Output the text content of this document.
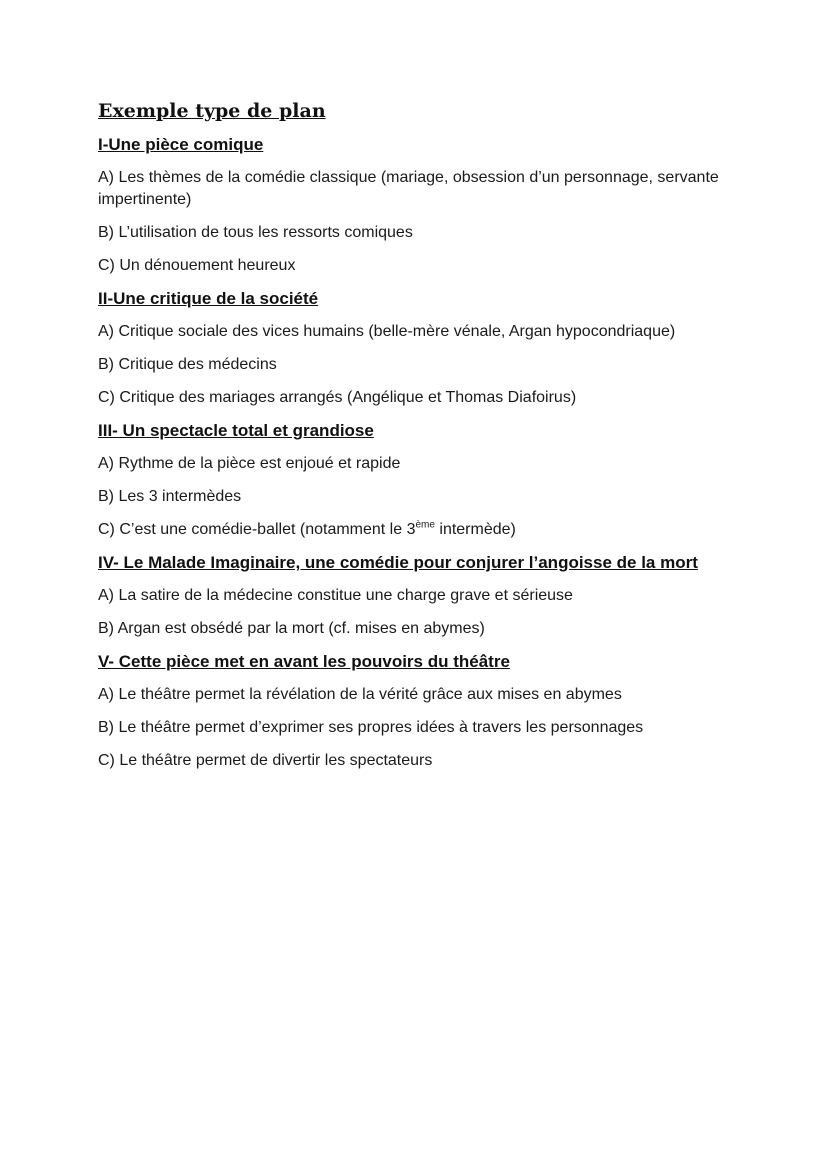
Exemple type de plan
I-Une pièce comique
A) Les thèmes de la comédie classique (mariage, obsession d’un personnage, servante impertinente)
B) L’utilisation de tous les ressorts comiques
C) Un dénouement heureux
II-Une critique de la société
A) Critique sociale des vices humains (belle-mère vénale, Argan hypocondriaque)
B) Critique des médecins
C) Critique des mariages arrangés (Angélique et Thomas Diafoirus)
III- Un spectacle total et grandiose
A) Rythme de la pièce est enjoué et rapide
B) Les 3 intermèdes
C) C’est une comédie-ballet (notamment le 3ème intermède)
IV- Le Malade Imaginaire, une comédie pour conjurer l’angoisse de la mort
A) La satire de la médecine constitue une charge grave et sérieuse
B) Argan est obsédé par la mort (cf. mises en abymes)
V- Cette pièce met en avant les pouvoirs du théâtre
A) Le théâtre permet la révélation de la vérité grâce aux mises en abymes
B) Le théâtre permet d’exprimer ses propres idées à travers les personnages
C) Le théâtre permet de divertir les spectateurs
